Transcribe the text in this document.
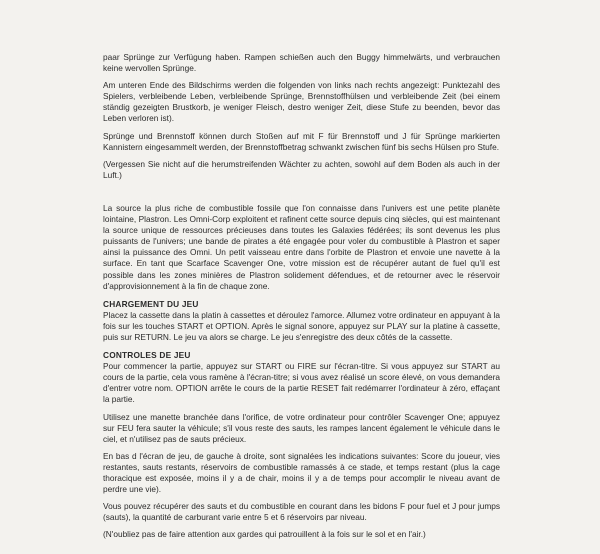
paar Sprünge zur Verfügung haben. Rampen schießen auch den Buggy himmelwärts, und verbrauchen keine wervollen Sprünge.

Am unteren Ende des Bildschirms werden die folgenden von links nach rechts angezeigt: Punktezahl des Spielers, verbleibende Leben, verbleibende Sprünge, Brennstoffhülsen und verbleibende Zeit (bei einem ständig gezeigten Brustkorb, je weniger Fleisch, destro weniger Zeit, diese Stufe zu beenden, bevor das Leben verloren ist).

Sprünge und Brennstoff können durch Stoßen auf mit F für Brennstoff und J für Sprünge markierten Kannistern eingesammelt werden, der Brennstoffbetrag schwankt zwischen fünf bis sechs Hülsen pro Stufe.

(Vergessen Sie nicht auf die herumstreifenden Wächter zu achten, sowohl auf dem Boden als auch in der Luft.)

La source la plus riche de combustible fossile que l'on connaisse dans l'univers est une petite planète lointaine, Plastron. Les Omni-Corp exploitent et rafinent cette source depuis cinq siècles, qui est maintenant la source unique de ressources précieuses dans toutes les Galaxies fédérées; ils sont devenus les plus puissants de l'univers; une bande de pirates a été engagée pour voler du combustible à Plastron et saper ainsi la puissance des Omni. Un petit vaisseau entre dans l'orbite de Plastron et envoie une navette à la surface. En tant que Scarface Scavenger One, votre mission est de récupérer autant de fuel qu'il est possible dans les zones minières de Plastron solidement défendues, et de retourner avec le réservoir d'approvisionnement à la fin de chaque zone.

CHARGEMENT DU JEU

Placez la cassette dans la platin à cassettes et déroulez l'amorce. Allumez votre ordinateur en appuyant à la fois sur les touches START et OPTION. Après le signal sonore, appuyez sur PLAY sur la platine à cassette, puis sur RETURN. Le jeu va alors se charge. Le jeu s'enregistre des deux côtés de la cassette.

CONTROLES DE JEU

Pour commencer la partie, appuyez sur START ou FIRE sur l'écran-titre. Si vous appuyez sur START au cours de la partie, cela vous ramène à l'écran-titre; si vous avez réalisé un score élevé, on vous demandera d'entrer votre nom. OPTION arrête le cours de la partie RESET fait redémarrer l'ordinateur à zéro, effaçant la partie.

Utilisez une manette branchée dans l'orifice, de votre ordinateur pour contrôler Scavenger One; appuyez sur FEU fera sauter la véhicule; s'il vous reste des sauts, les rampes lancent également le véhicule dans le ciel, et n'utilisez pas de sauts précieux.

En bas d l'écran de jeu, de gauche à droite, sont signalées les indications suivantes: Score du joueur, vies restantes, sauts restants, réservoirs de combustible ramassés à ce stade, et temps restant (plus la cage thoracique est exposée, moins il y a de chair, moins il y a de temps pour accomplir le niveau avant de perdre une vie).

Vous pouvez récupérer des sauts et du combustible en courant dans les bidons F pour fuel et J pour jumps (sauts), la quantité de carburant varie entre 5 et 6 réservoirs par niveau.

(N'oubliez pas de faire attention aux gardes qui patrouillent à la fois sur le sol et en l'air.)
